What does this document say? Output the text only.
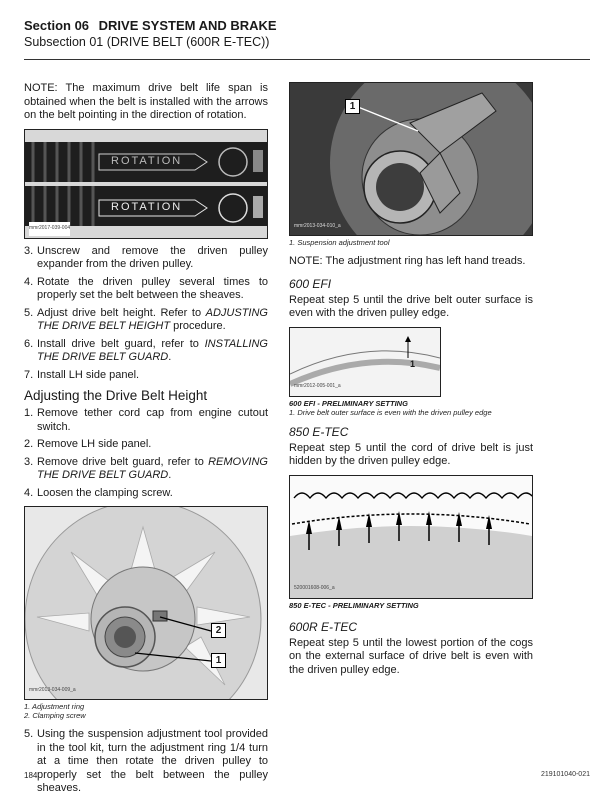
Section 06 DRIVE SYSTEM AND BRAKE
Subsection 01 (DRIVE BELT (600R E-TEC))

NOTE: The maximum drive belt life span is obtained when the belt is installed with the arrows on the belt pointing in the direction of rotation.

ROTATION
ROTATION
mmr2017-039-004
3. Unscrew and remove the driven pulley expander from the driven pulley.
4. Rotate the driven pulley several times to properly set the belt between the sheaves.
5. Adjust drive belt height. Refer to ADJUSTING THE DRIVE BELT HEIGHT procedure.
6. Install drive belt guard, refer to INSTALLING THE DRIVE BELT GUARD.
7. Install LH side panel.
Adjusting the Drive Belt Height
1. Remove tether cord cap from engine cutout switch.
2. Remove LH side panel.
3. Remove drive belt guard, refer to REMOVING THE DRIVE BELT GUARD.
4. Loosen the clamping screw.
1
2
mmr2013-034-009_a
1. Adjustment ring
2. Clamping screw
5. Using the suspension adjustment tool provided in the tool kit, turn the adjustment ring 1/4 turn at a time then rotate the driven pulley to properly set the belt between the pulley sheaves.
1
mmr2013-034-010_a
1. Suspension adjustment tool

NOTE: The adjustment ring has left hand treads.

600 EFI

Repeat step 5 until the drive belt outer surface is even with the driven pulley edge.

1
mmr2012-005-001_a
600 EFI - PRELIMINARY SETTING
1. Drive belt outer surface is even with the driven pulley edge
850 E-TEC

Repeat step 5 until the cord of drive belt is just hidden by the driven pulley edge.

520001608-006_a
850 E-TEC - PRELIMINARY SETTING
600R E-TEC

Repeat step 5 until the lowest portion of the cogs on the external surface of drive belt is even with the driven pulley edge.

184	219101040-021
